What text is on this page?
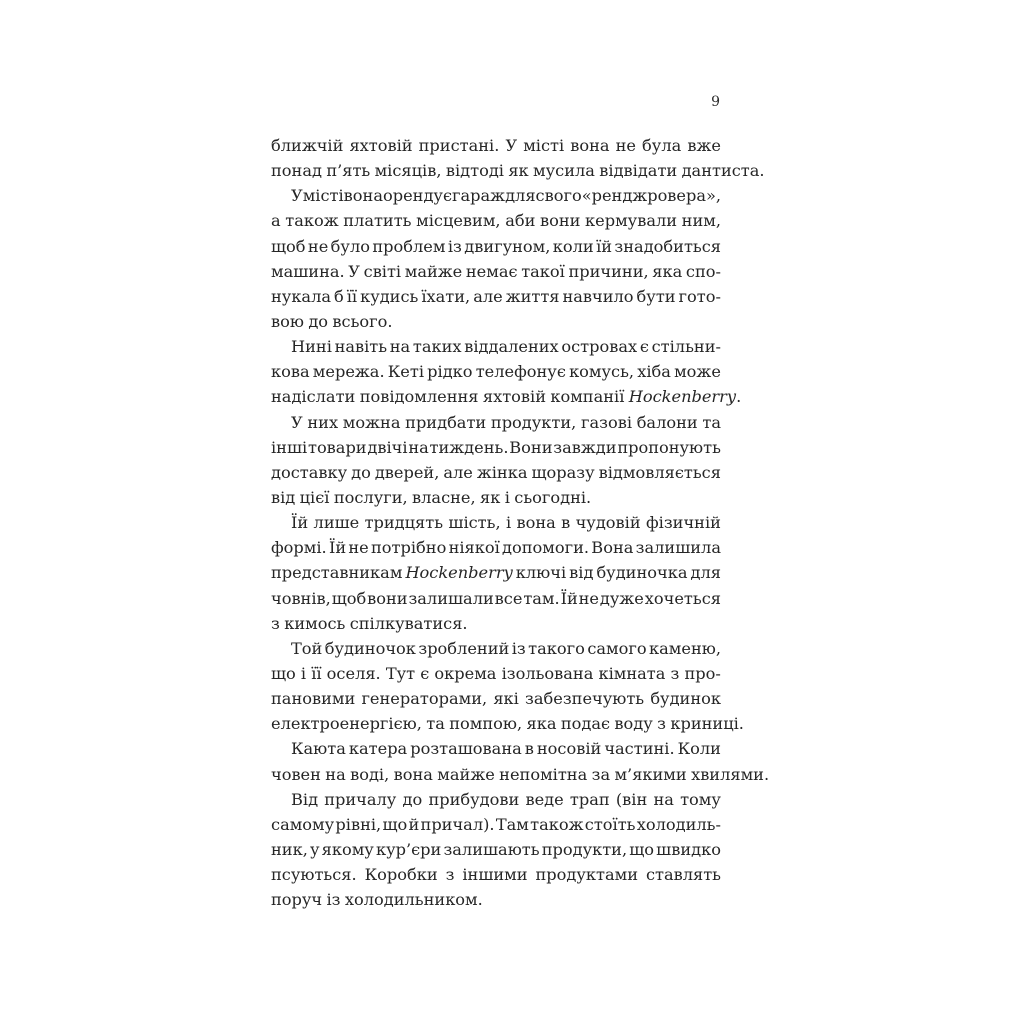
9
ближчій яхтовій пристані. У місті вона не була вже
понад п’ять місяців, відтоді як мусила відвідати дантиста.
У місті вона орендує гараж для свого «рендж ровера»,
а також платить місцевим, аби вони кермували ним,
щоб не було проблем із двигуном, коли їй знадобиться
машина. У світі майже немає такої причини, яка спо-
нукала б її кудись їхати, але життя навчило бути гото-
вою до всього.
Нині навіть на таких віддалених островах є стільни-
кова мережа. Кеті рідко телефонує комусь, хіба може
надіслати повідомлення яхтовій компанії Hockenberry.
У них можна придбати продукти, газові балони та
інші товари двічі на тиждень. Вони завжди пропонують
доставку до дверей, але жінка щоразу відмовляється
від цієї послуги, власне, як і сьогодні.
Їй лише тридцять шість, і вона в чудовій фізичній
формі. Їй не потрібно ніякої допомоги. Вона залишила
представникам Hockenberry ключі від будиночка для
човнів, щоб вони залишали все там. Їй не дуже хочеться
з кимось спілкуватися.
Той будиночок зроблений із такого самого каменю,
що і її оселя. Тут є окрема ізольована кімната з про-
пановими генераторами, які забезпечують будинок
електроенергією, та помпою, яка подає воду з криниці.
Каюта катера розташована в носовій частині. Коли
човен на воді, вона майже непомітна за м’якими хвилями.
Від причалу до прибудови веде трап (він на тому
самому рівні, що й причал). Там також стоїть холодиль-
ник, у якому кур’єри залишають продукти, що швидко
псуються. Коробки з іншими продуктами ставлять
поруч із холодильником.
